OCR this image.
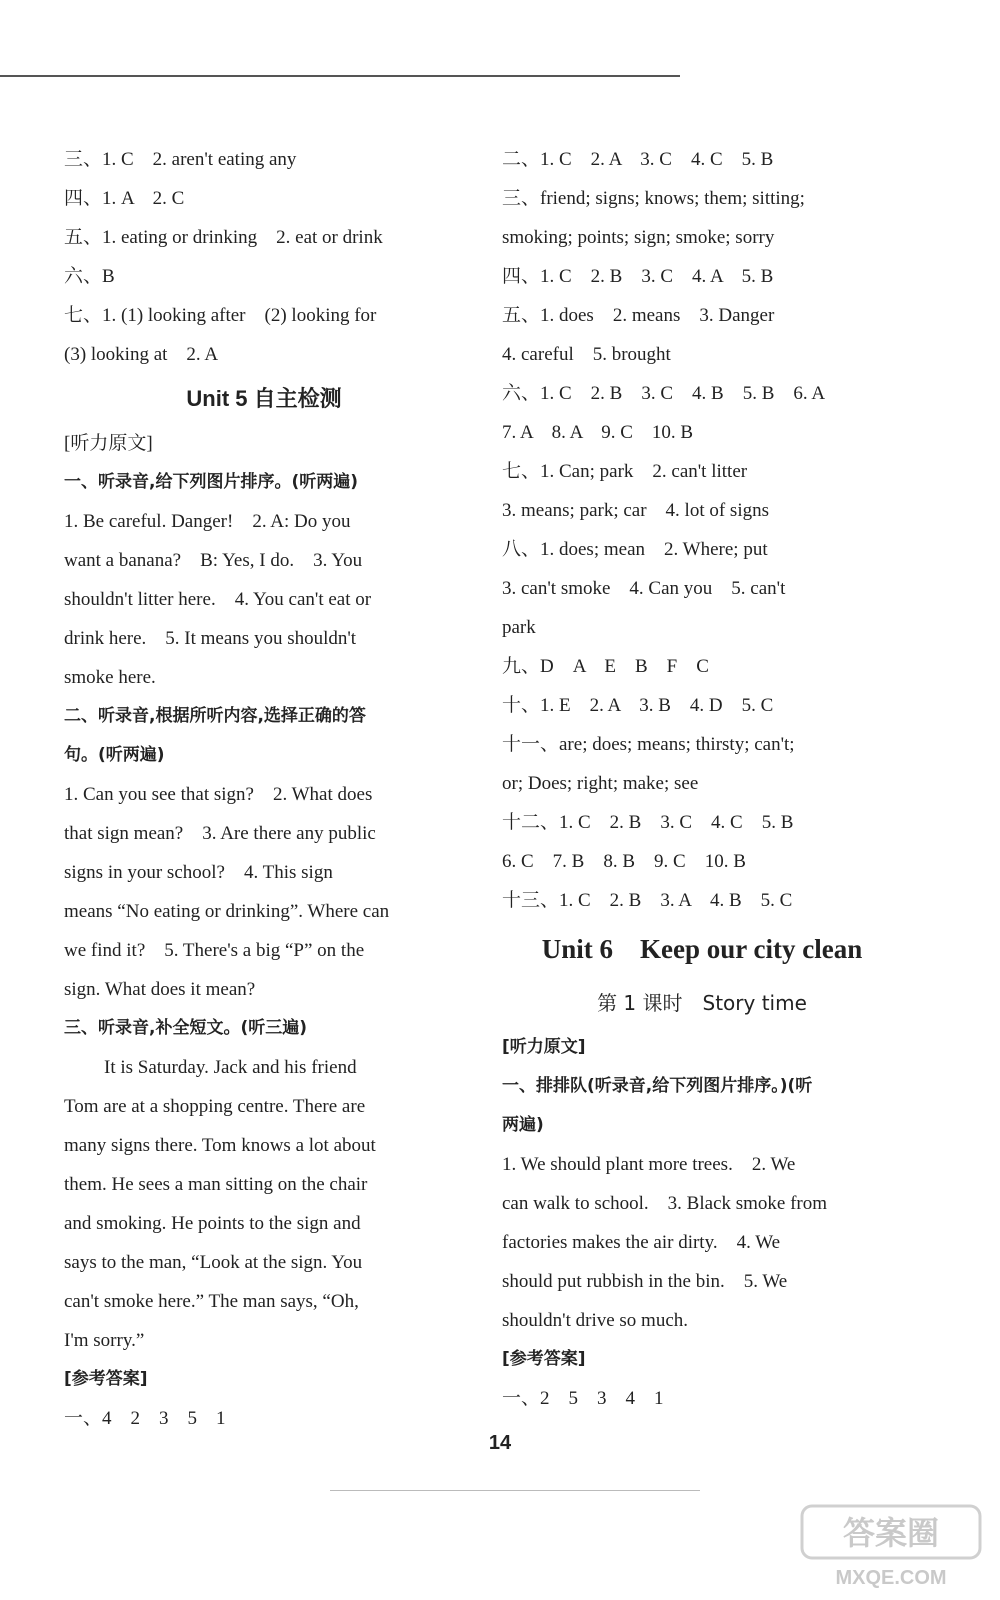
三、1. C　2. aren't eating any
四、1. A　2. C
五、1. eating or drinking　2. eat or drink
六、B
七、1. (1) looking after　(2) looking for
(3) looking at　2. A
Unit 5 自主检测
[听力原文]
一、听录音,给下列图片排序。(听两遍)
1. Be careful. Danger!　2. A: Do you
want a banana?　B: Yes, I do.　3. You
shouldn't litter here.　4. You can't eat or
drink here.　5. It means you shouldn't
smoke here.
二、听录音,根据所听内容,选择正确的答
句。(听两遍)
1. Can you see that sign?　2. What does
that sign mean?　3. Are there any public
signs in your school?　4. This sign
means “No eating or drinking”. Where can
we find it?　5. There's a big “P” on the
sign. What does it mean?
三、听录音,补全短文。(听三遍)
It is Saturday. Jack and his friend
Tom are at a shopping centre. There are
many signs there. Tom knows a lot about
them. He sees a man sitting on the chair
and smoking. He points to the sign and
says to the man, “Look at the sign. You
can't smoke here.” The man says, “Oh,
I'm sorry.”
[参考答案]
一、4　2　3　5　1
二、1. C　2. A　3. C　4. C　5. B
三、friend; signs; knows; them; sitting;
smoking; points; sign; smoke; sorry
四、1. C　2. B　3. C　4. A　5. B
五、1. does　2. means　3. Danger
4. careful　5. brought
六、1. C　2. B　3. C　4. B　5. B　6. A
7. A　8. A　9. C　10. B
七、1. Can; park　2. can't litter
3. means; park; car　4. lot of signs
八、1. does; mean　2. Where; put
3. can't smoke　4. Can you　5. can't
park
九、D　A　E　B　F　C
十、1. E　2. A　3. B　4. D　5. C
十一、are; does; means; thirsty; can't;
or; Does; right; make; see
十二、1. C　2. B　3. C　4. C　5. B
6. C　7. B　8. B　9. C　10. B
十三、1. C　2. B　3. A　4. B　5. C
Unit 6　Keep our city clean
第 1 课时　Story time
[听力原文]
一、排排队(听录音,给下列图片排序。)(听
两遍)
1. We should plant more trees.　2. We
can walk to school.　3. Black smoke from
factories makes the air dirty.　4. We
should put rubbish in the bin.　5. We
shouldn't drive so much.
[参考答案]
一、2　5　3　4　1
14
答案圈
MXQE.COM
